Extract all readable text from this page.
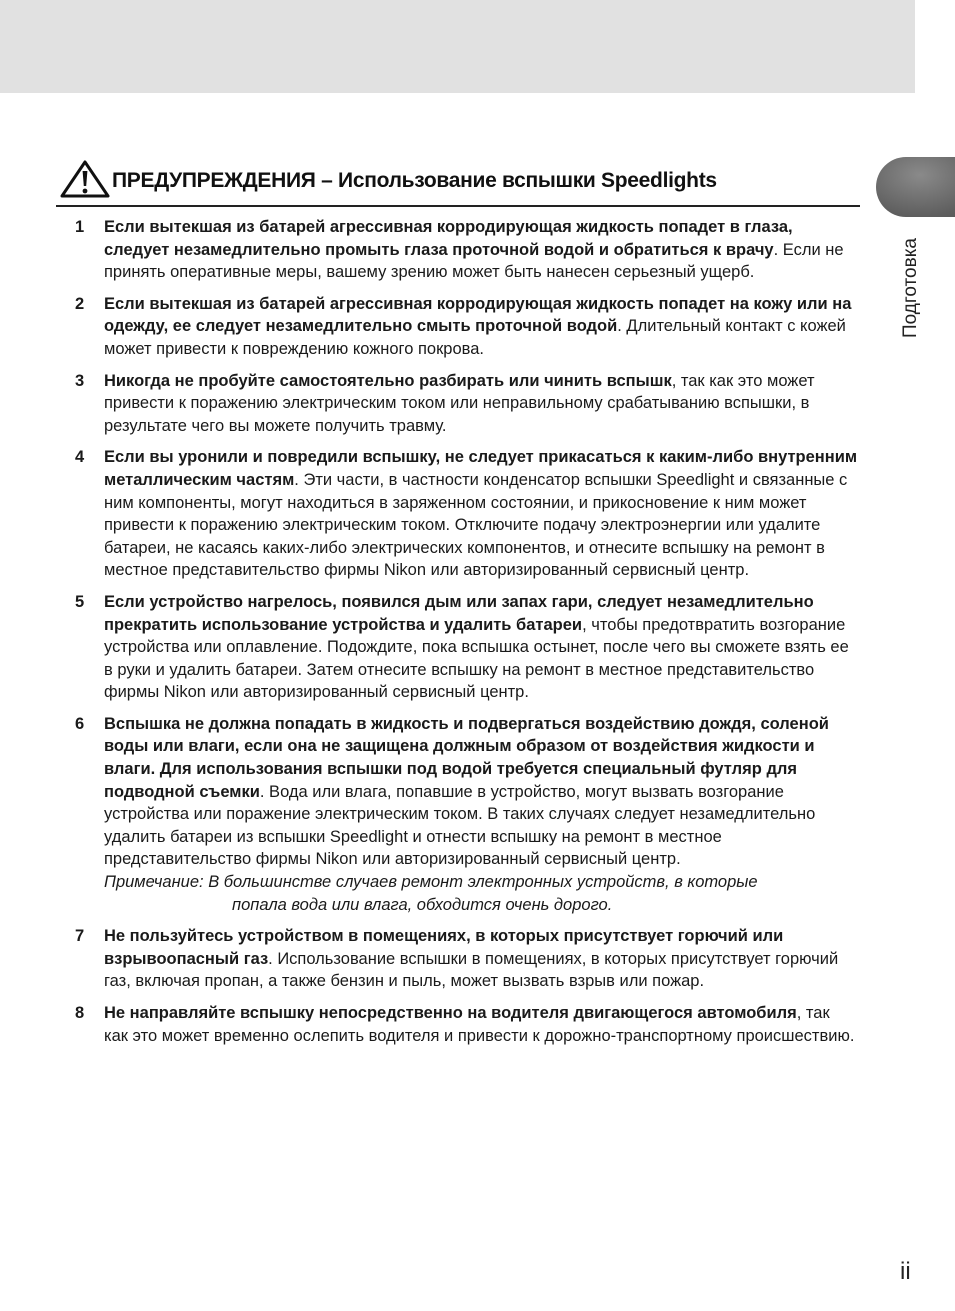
Подготовка
ПРЕДУПРЕЖДЕНИЯ – Использование вспышки Speedlights
1 Если вытекшая из батарей агрессивная корродирующая жидкость попадет в глаза, следует незамедлительно промыть глаза проточной водой и обратиться к врачу. Если не принять оперативные меры, вашему зрению может быть нанесен серьезный ущерб.

2 Если вытекшая из батарей агрессивная корродирующая жидкость попадет на кожу или на одежду, ее следует незамедлительно смыть проточной водой. Длительный контакт с кожей может привести к повреждению кожного покрова.

3 Никогда не пробуйте самостоятельно разбирать или чинить вспышк, так как это может привести к поражению электрическим током или неправильному срабатыванию вспышки, в результате чего вы можете получить травму.

4 Если вы уронили и повредили вспышку, не следует прикасаться к каким-либо внутренним металлическим частям. Эти части, в частности конденсатор вспышки Speedlight и связанные с ним компоненты, могут находиться в заряженном состоянии, и прикосновение к ним может привести к поражению электрическим током. Отключите подачу электроэнергии или удалите батареи, не касаясь каких-либо электрических компонентов, и отнесите вспышку на ремонт в местное представительство фирмы Nikon или авторизированный сервисный центр.

5 Если устройство нагрелось, появился дым или запах гари, следует незамедлительно прекратить использование устройства и удалить батареи, чтобы предотвратить возгорание устройства или оплавление. Подождите, пока вспышка остынет, после чего вы сможете взять ее в руки и удалить батареи. Затем отнесите вспышку на ремонт в местное представительство фирмы Nikon или авторизированный сервисный центр.

6 Вспышка не должна попадать в жидкость и подвергаться воздействию дождя, соленой воды или влаги, если она не защищена должным образом от воздействия жидкости и влаги. Для использования вспышки под водой требуется специальный футляр для подводной съемки. Вода или влага, попавшие в устройство, могут вызвать возгорание устройства или поражение электрическим током. В таких случаях следует незамедлительно удалить батареи из вспышки Speedlight и отнести вспышку на ремонт в местное представительство фирмы Nikon или авторизированный сервисный центр.

Примечание: В большинстве случаев ремонт электронных устройств, в которые
попала вода или влага, обходится очень дорого.

7 Не пользуйтесь устройством в помещениях, в которых присутствует горючий или взрывоопасный газ. Использование вспышки в помещениях, в которых присутствует горючий газ, включая пропан, а также бензин и пыль, может вызвать взрыв или пожар.

8 Не направляйте вспышку непосредственно на водителя двигающегося автомобиля, так как это может временно ослепить водителя и привести к дорожно-транспортному происшествию.

ii
